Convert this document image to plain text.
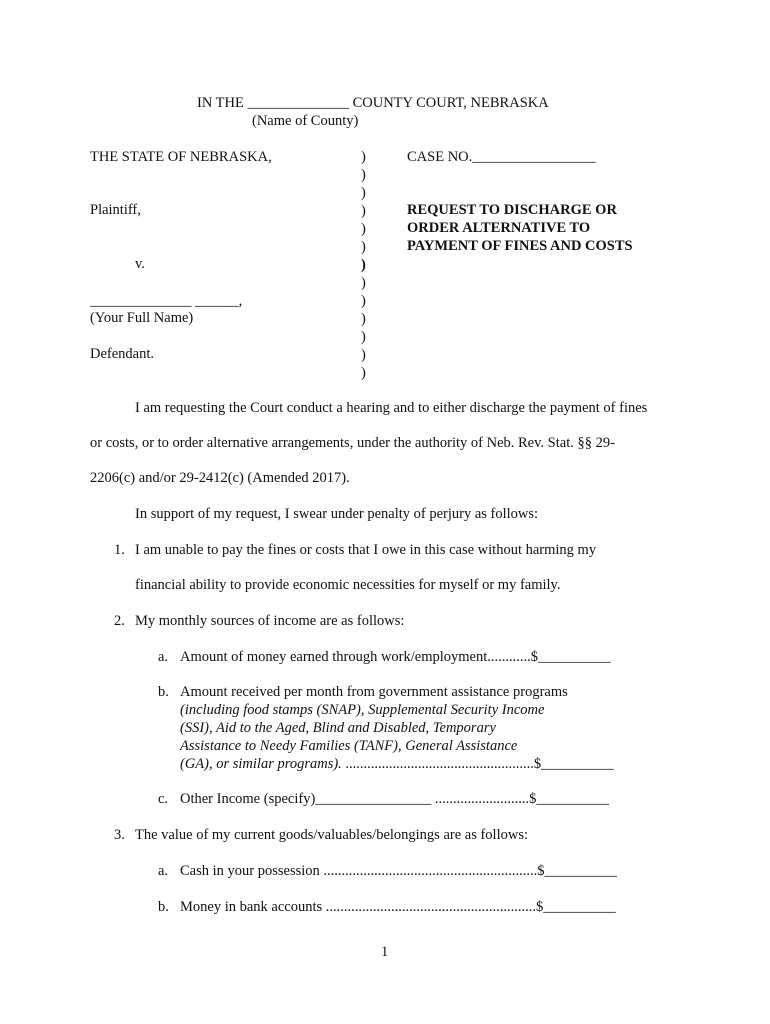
IN THE ______________ COUNTY COURT, NEBRASKA
(Name of County)
THE STATE OF NEBRASKA,
Plaintiff,
v.
______________ ______,
(Your Full Name)
Defendant.
)
)
)
)
)
)
)
)
)
)
)
)
)
CASE NO._________________
REQUEST TO DISCHARGE OR
ORDER ALTERNATIVE TO
PAYMENT OF FINES AND COSTS
I am requesting the Court conduct a hearing and to either discharge the payment of fines
or costs, or to order alternative arrangements, under the authority of Neb. Rev. Stat. §§ 29-
2206(c) and/or 29-2412(c) (Amended 2017).
In support of my request, I swear under penalty of perjury as follows:
1. I am unable to pay the fines or costs that I owe in this case without harming my
financial ability to provide economic necessities for myself or my family.
2. My monthly sources of income are as follows:
a. Amount of money earned through work/employment............$__________
b. Amount received per month from government assistance programs
(including food stamps (SNAP), Supplemental Security Income
(SSI), Aid to the Aged, Blind and Disabled, Temporary
Assistance to Needy Families (TANF), General Assistance
(GA), or similar programs). ....................................................$__________
c. Other Income (specify)________________ ..........................$__________
3. The value of my current goods/valuables/belongings are as follows:
a. Cash in your possession ...........................................................$__________
b. Money in bank accounts ..........................................................$__________
1
